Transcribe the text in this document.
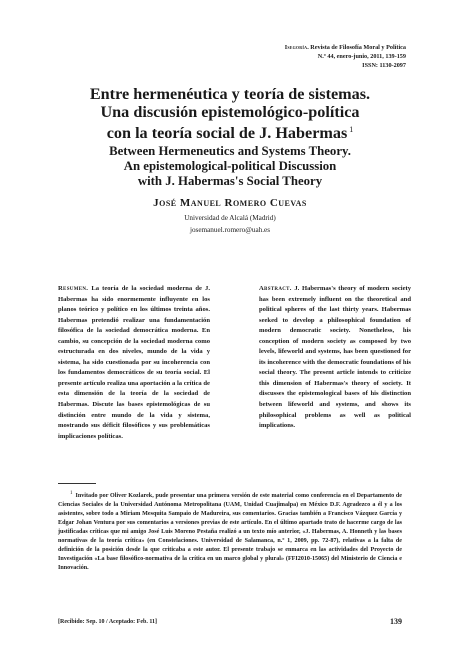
Isegoría. Revista de Filosofía Moral y Política
N.º 44, enero-junio, 2011, 139-159
ISSN: 1130-2097
Entre hermenéutica y teoría de sistemas.
Una discusión epistemológico-política
con la teoría social de J. Habermas $^1$
Between Hermeneutics and Systems Theory.
An epistemological-political Discussion
with J. Habermas's Social Theory
José Manuel Romero Cuevas
Universidad de Alcalá (Madrid)
josemanuel.romero@uah.es
Resumen. La teoría de la sociedad moderna de J. Habermas ha sido enormemente influyente en los planos teórico y político en los últimos treinta años. Habermas pretendió realizar una fundamentación filosófica de la sociedad democrática moderna. En cambio, su concepción de la sociedad moderna como estructurada en dos niveles, mundo de la vida y sistema, ha sido cuestionada por su incoherencia con los fundamentos democráticos de su teoría social. El presente artículo realiza una aportación a la crítica de esta dimensión de la teoría de la sociedad de Habermas. Discute las bases epistemológicas de su distinción entre mundo de la vida y sistema, mostrando sus déficit filosóficos y sus problemáticas implicaciones políticas.
Abstract. J. Habermas's theory of modern society has been extremely influent on the theoretical and political spheres of the last thirty years. Habermas seeked to develop a philosophical foundation of modern democratic society. Nonetheless, his conception of modern society as composed by two levels, lifeworld and systems, has been questioned for its incoherence with the democratic foundations of his social theory. The present article intends to criticize this dimension of Habermas's theory of society. It discusses the epistemological bases of his distinction between lifeworld and systems, and shows its philosophical problems as well as political implications.
$^1$ Invitado por Oliver Kozlarek, pude presentar una primera versión de este material como conferencia en el Departamento de Ciencias Sociales de la Universidad Autónoma Metropolitana (UAM, Unidad Cuajimalpa) en México D.F. Agradezco a él y a los asistentes, sobre todo a Miriam Mesquita Sampaio de Madureira, sus comentarios. Gracias también a Francisco Vázquez García y Edgar Johan Ventura por sus comentarios a versiones previas de este artículo. En el último apartado trato de hacerme cargo de las justificadas críticas que mi amigo José Luis Moreno Pestaña realizó a un texto mío anterior, «J. Habermas, A. Honneth y las bases normativas de la teoría crítica» (en Constelaciones. Universidad de Salamanca, n.º 1, 2009, pp. 72-87), relativas a la falta de definición de la posición desde la que criticaba a este autor. El presente trabajo se enmarca en las actividades del Proyecto de Investigación «La base filosófico-normativa de la crítica en un marco global y plural» (FFI2010-15065) del Ministerio de Ciencia e Innovación.
[Recibido: Sep. 10 / Aceptado: Feb. 11]	139
